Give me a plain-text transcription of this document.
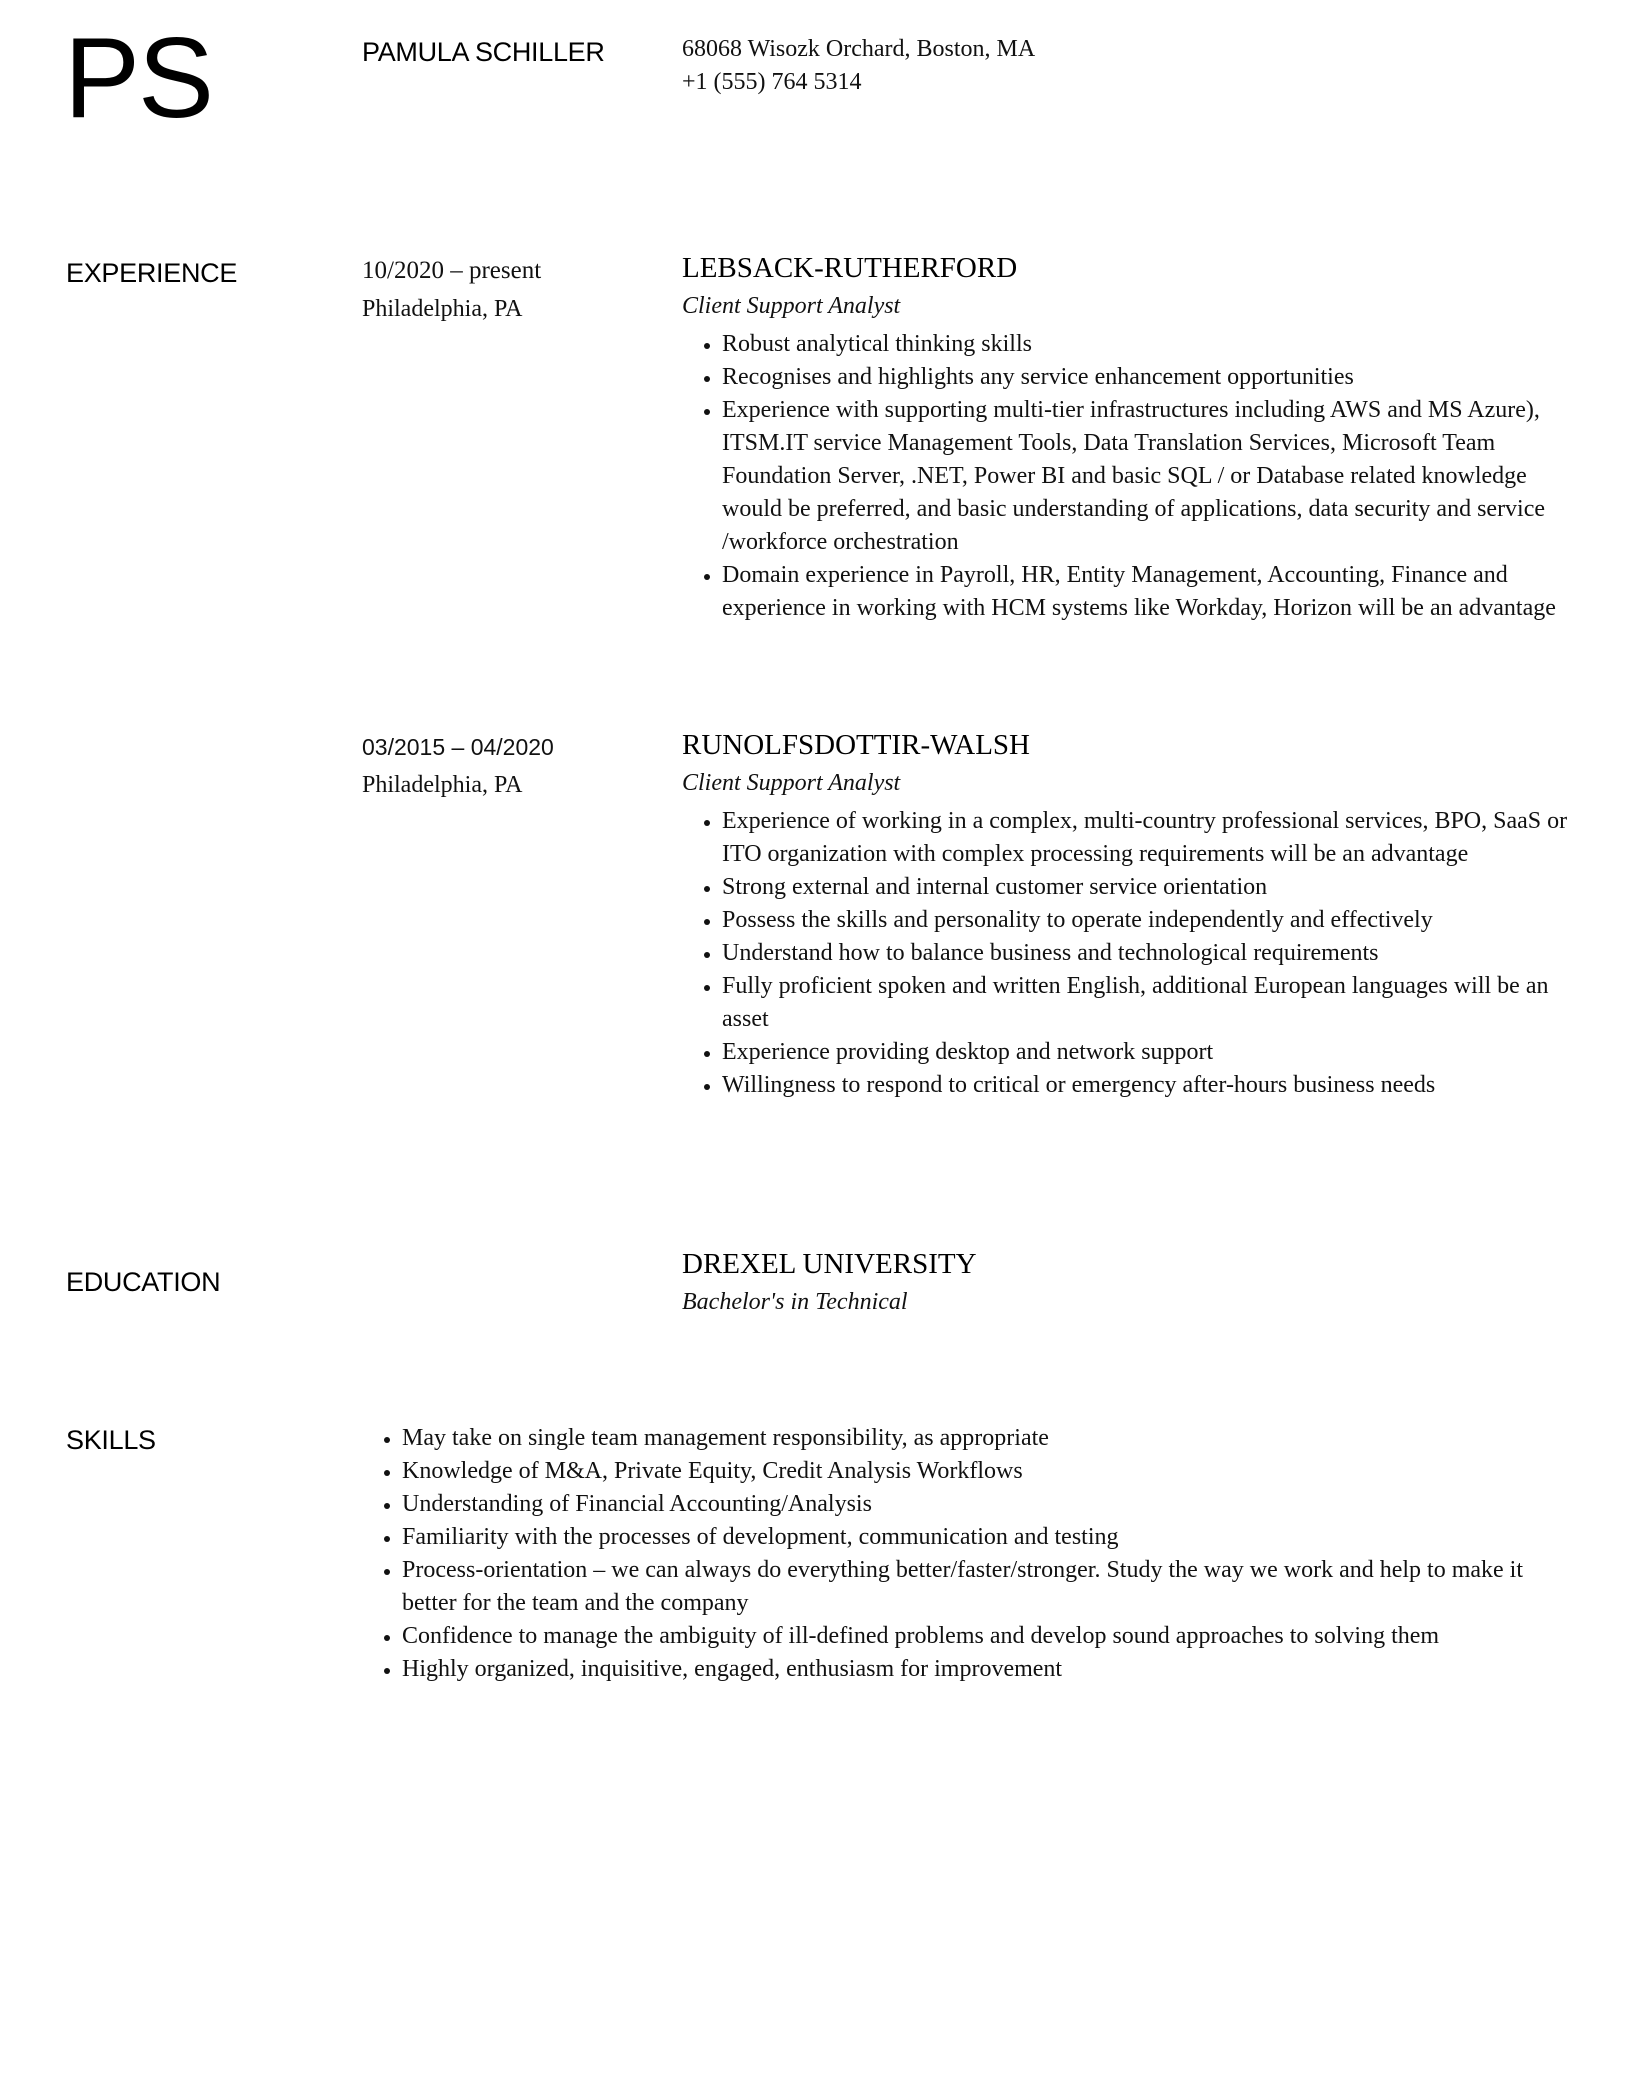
PS	PAMULA SCHILLER	68068 Wisozk Orchard, Boston, MA
+1 (555) 764 5314
EXPERIENCE	10/2020 – present
Philadelphia, PA
LEBSACK-RUTHERFORD
Client Support Analyst
• Robust analytical thinking skills
• Recognises and highlights any service enhancement opportunities
• Experience with supporting multi-tier infrastructures including AWS and MS Azure), ITSM.IT service Management Tools, Data Translation Services, Microsoft Team Foundation Server, .NET, Power BI and basic SQL / or Database related knowledge would be preferred, and basic understanding of applications, data security and service /workforce orchestration
• Domain experience in Payroll, HR, Entity Management, Accounting, Finance and experience in working with HCM systems like Workday, Horizon will be an advantage
03/2015 – 04/2020
Philadelphia, PA
RUNOLFSDOTTIR-WALSH
Client Support Analyst
• Experience of working in a complex, multi-country professional services, BPO, SaaS or ITO organization with complex processing requirements will be an advantage
• Strong external and internal customer service orientation
• Possess the skills and personality to operate independently and effectively
• Understand how to balance business and technological requirements
• Fully proficient spoken and written English, additional European languages will be an asset
• Experience providing desktop and network support
• Willingness to respond to critical or emergency after-hours business needs
EDUCATION
DREXEL UNIVERSITY
Bachelor's in Technical
SKILLS	• May take on single team management responsibility, as appropriate
• Knowledge of M&A, Private Equity, Credit Analysis Workflows
• Understanding of Financial Accounting/Analysis
• Familiarity with the processes of development, communication and testing
• Process-orientation – we can always do everything better/faster/stronger. Study the way we work and help to make it better for the team and the company
• Confidence to manage the ambiguity of ill-defined problems and develop sound approaches to solving them
• Highly organized, inquisitive, engaged, enthusiasm for improvement
